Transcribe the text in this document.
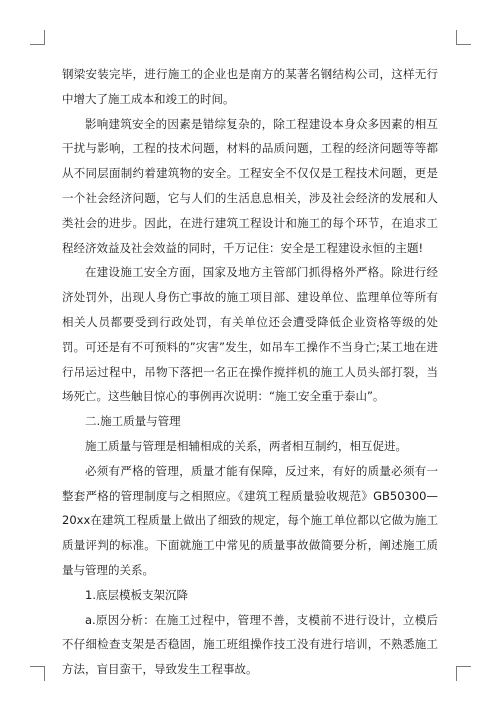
钢梁安装完毕，进行施工的企业也是南方的某著名钢结构公司，这样无行中增大了施工成本和竣工的时间。

影响建筑安全的因素是错综复杂的，除工程建设本身众多因素的相互干扰与影响，工程的技术问题，材料的品质问题，工程的经济问题等等都从不同层面制约着建筑物的安全。工程安全不仅仅是工程技术问题，更是一个社会经济问题，它与人们的生活息息相关，涉及社会经济的发展和人类社会的进步。因此，在进行建筑工程设计和施工的每个环节，在追求工程经济效益及社会效益的同时，千万记住：安全是工程建设永恒的主题!

在建设施工安全方面，国家及地方主管部门抓得格外严格。除进行经济处罚外，出现人身伤亡事故的施工项目部、建设单位、监理单位等所有相关人员都要受到行政处罚，有关单位还会遭受降低企业资格等级的处罚。可还是有不可预料的”灾害”发生，如吊车工操作不当身亡;某工地在进行吊运过程中，吊物下落把一名正在操作搅拌机的施工人员头部打裂，当场死亡。这些触目惊心的事例再次说明：“施工安全重于泰山”。

二.施工质量与管理

施工质量与管理是相辅相成的关系，两者相互制约，相互促进。

必须有严格的管理，质量才能有保障，反过来，有好的质量必须有一整套严格的管理制度与之相照应。《建筑工程质量验收规范》GB50300—20xx在建筑工程质量上做出了细致的规定，每个施工单位都以它做为施工质量评判的标准。下面就施工中常见的质量事故做简要分析，阐述施工质量与管理的关系。

1.底层模板支架沉降

a.原因分析：在施工过程中，管理不善，支模前不进行设计，立模后不仔细检查支架是否稳固，施工班组操作技工没有进行培训，不熟悉施工方法，盲目蛮干，导致发生工程事故。
